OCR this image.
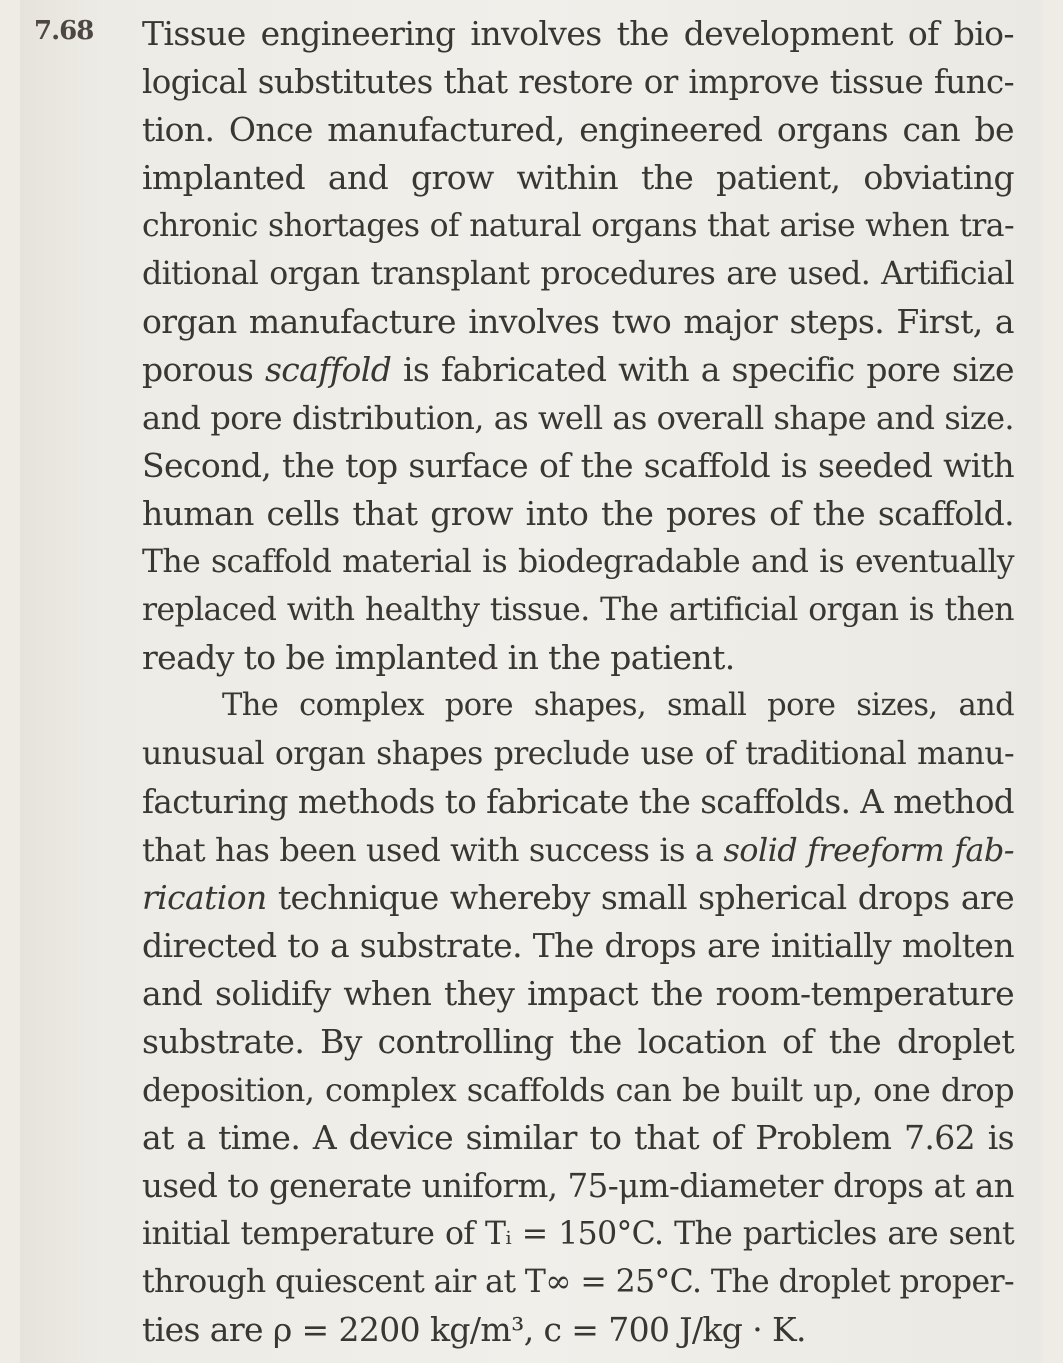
7.68 Tissue engineering involves the development of bio-
logical substitutes that restore or improve tissue func-
tion. Once manufactured, engineered organs can be
implanted and grow within the patient, obviating
chronic shortages of natural organs that arise when tra-
ditional organ transplant procedures are used. Artificial
organ manufacture involves two major steps. First, a
porous scaffold is fabricated with a specific pore size
and pore distribution, as well as overall shape and size.
Second, the top surface of the scaffold is seeded with
human cells that grow into the pores of the scaffold.
The scaffold material is biodegradable and is eventually
replaced with healthy tissue. The artificial organ is then
ready to be implanted in the patient.
The complex pore shapes, small pore sizes, and
unusual organ shapes preclude use of traditional manu-
facturing methods to fabricate the scaffolds. A method
that has been used with success is a solid freeform fab-
rication technique whereby small spherical drops are
directed to a substrate. The drops are initially molten
and solidify when they impact the room-temperature
substrate. By controlling the location of the droplet
deposition, complex scaffolds can be built up, one drop
at a time. A device similar to that of Problem 7.62 is
used to generate uniform, 75-μm-diameter drops at an
initial temperature of Tᵢ = 150°C. The particles are sent
through quiescent air at T∞ = 25°C. The droplet proper-
ties are ρ = 2200 kg/m³, c = 700 J/kg · K.
